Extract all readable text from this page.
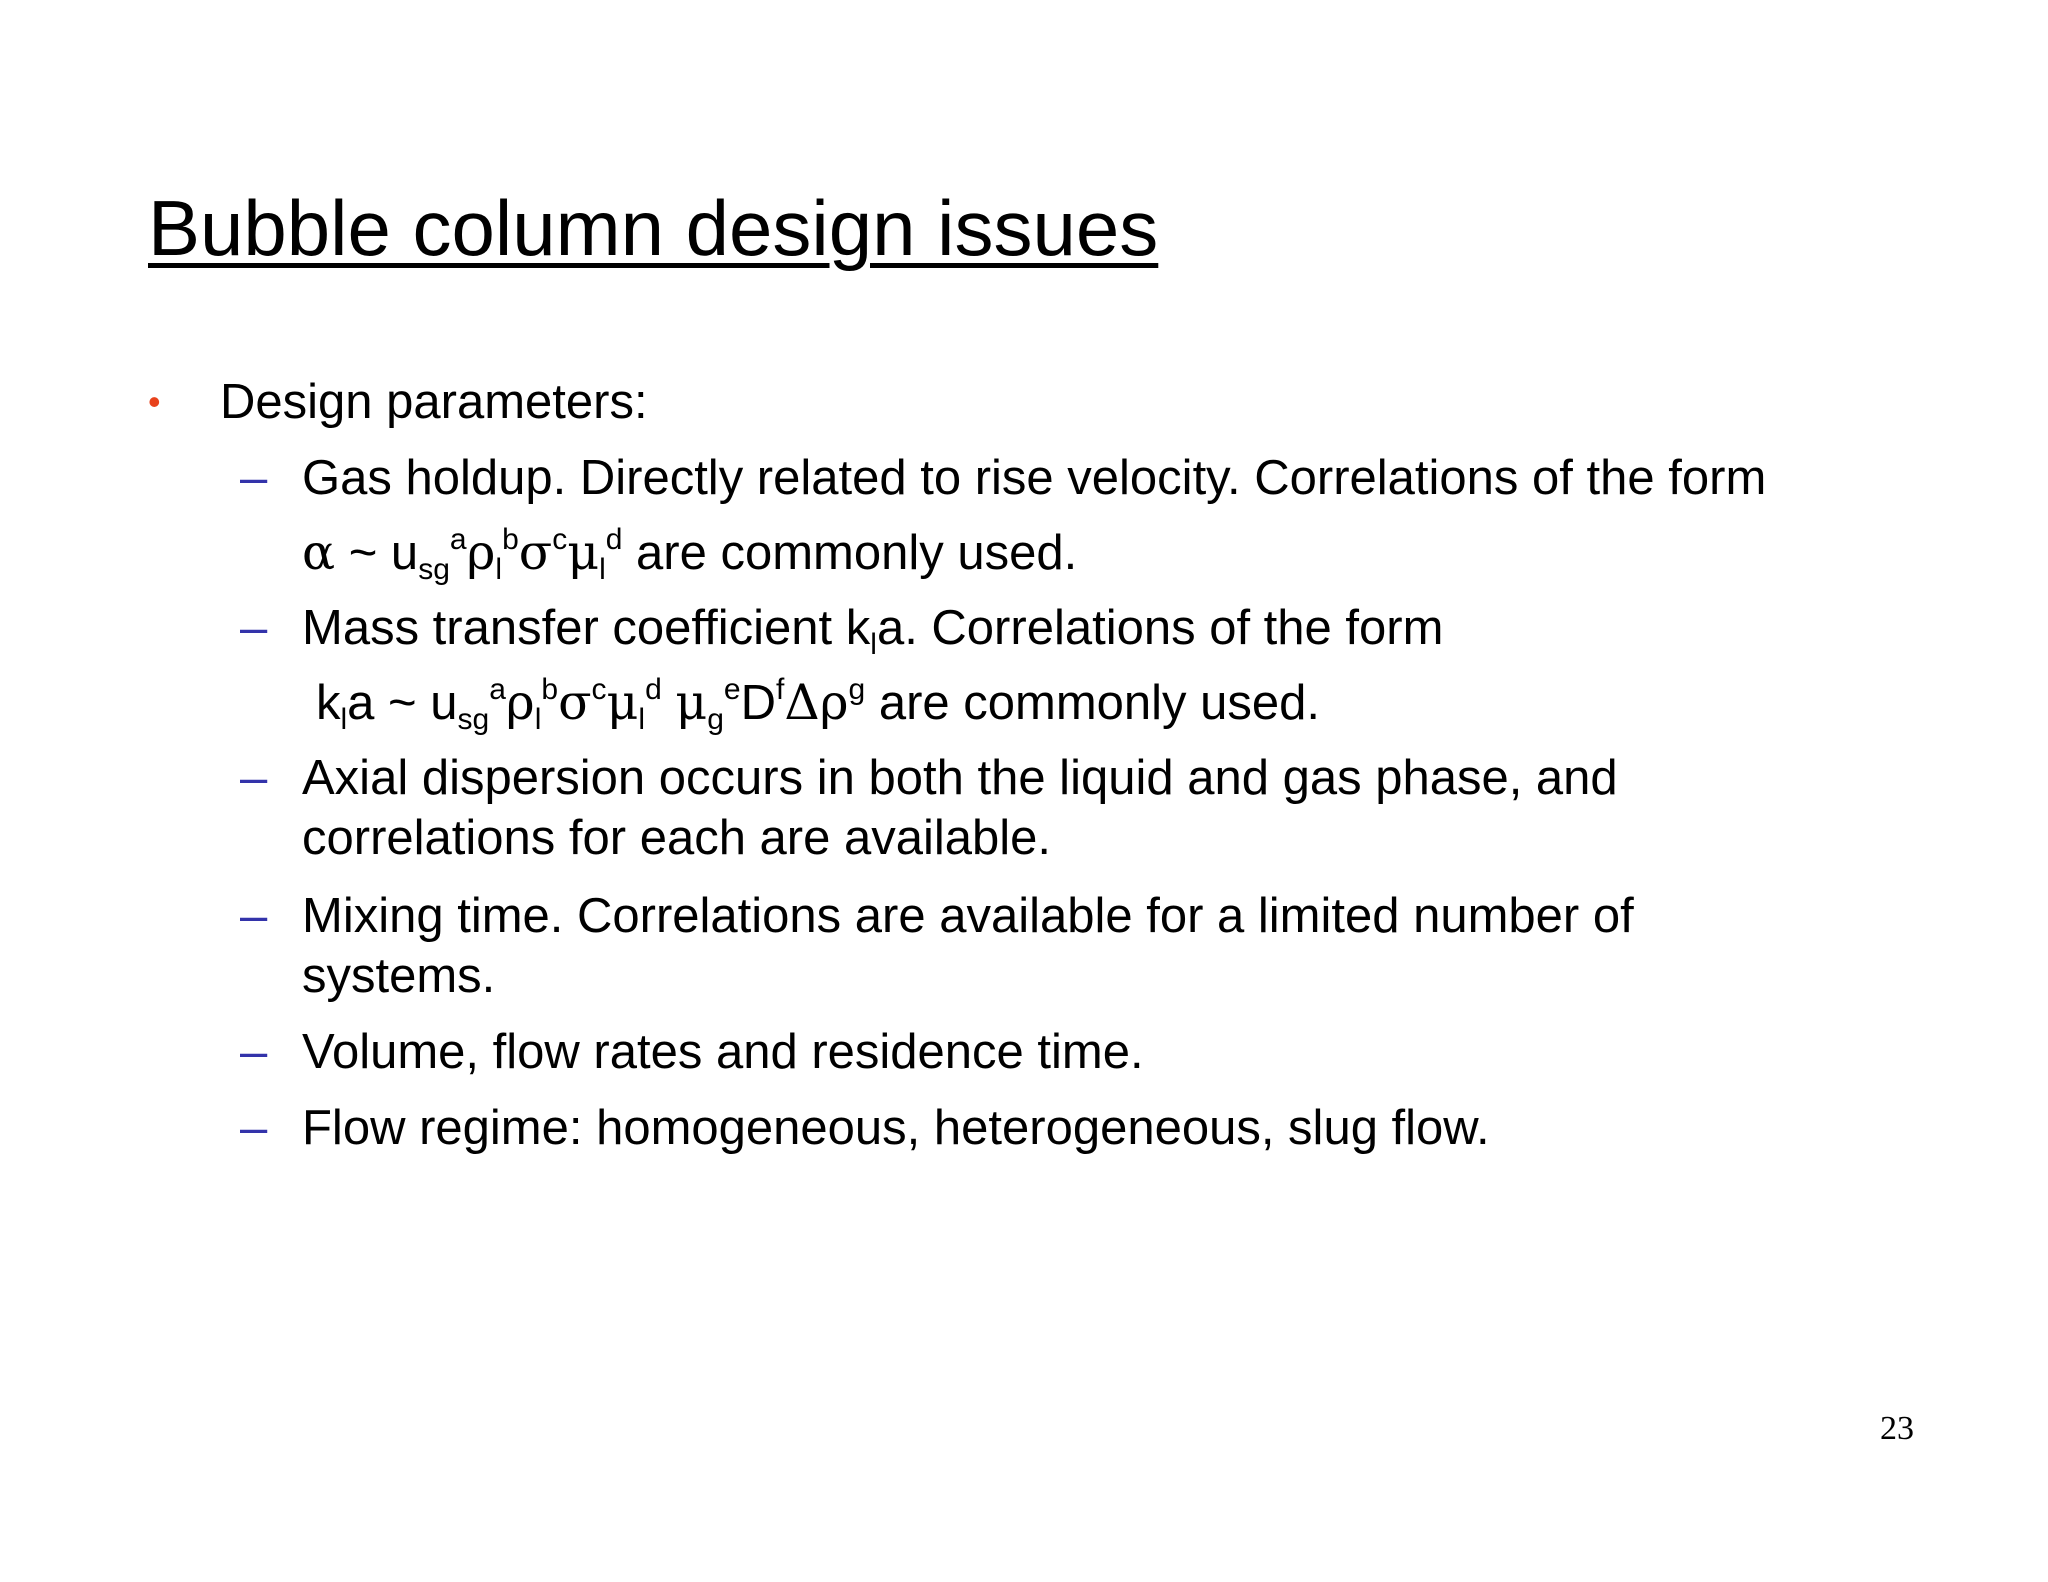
Bubble column design issues
• Design parameters:
– Gas holdup. Directly related to rise velocity. Correlations of the form
α ~ $u_{sg}^a\rho_l^b\sigma^c\mu_l^d$ are commonly used.
– Mass transfer coefficient $k_la$. Correlations of the form
$k_la$ ~ $u_{sg}^a\rho_l^b\sigma^c\mu_l^d$ $\mu_g^eD^f\Delta\rho^g$ are commonly used.
– Axial dispersion occurs in both the liquid and gas phase, and
correlations for each are available.
– Mixing time. Correlations are available for a limited number of
systems.
– Volume, flow rates and residence time.
– Flow regime: homogeneous, heterogeneous, slug flow.
23
